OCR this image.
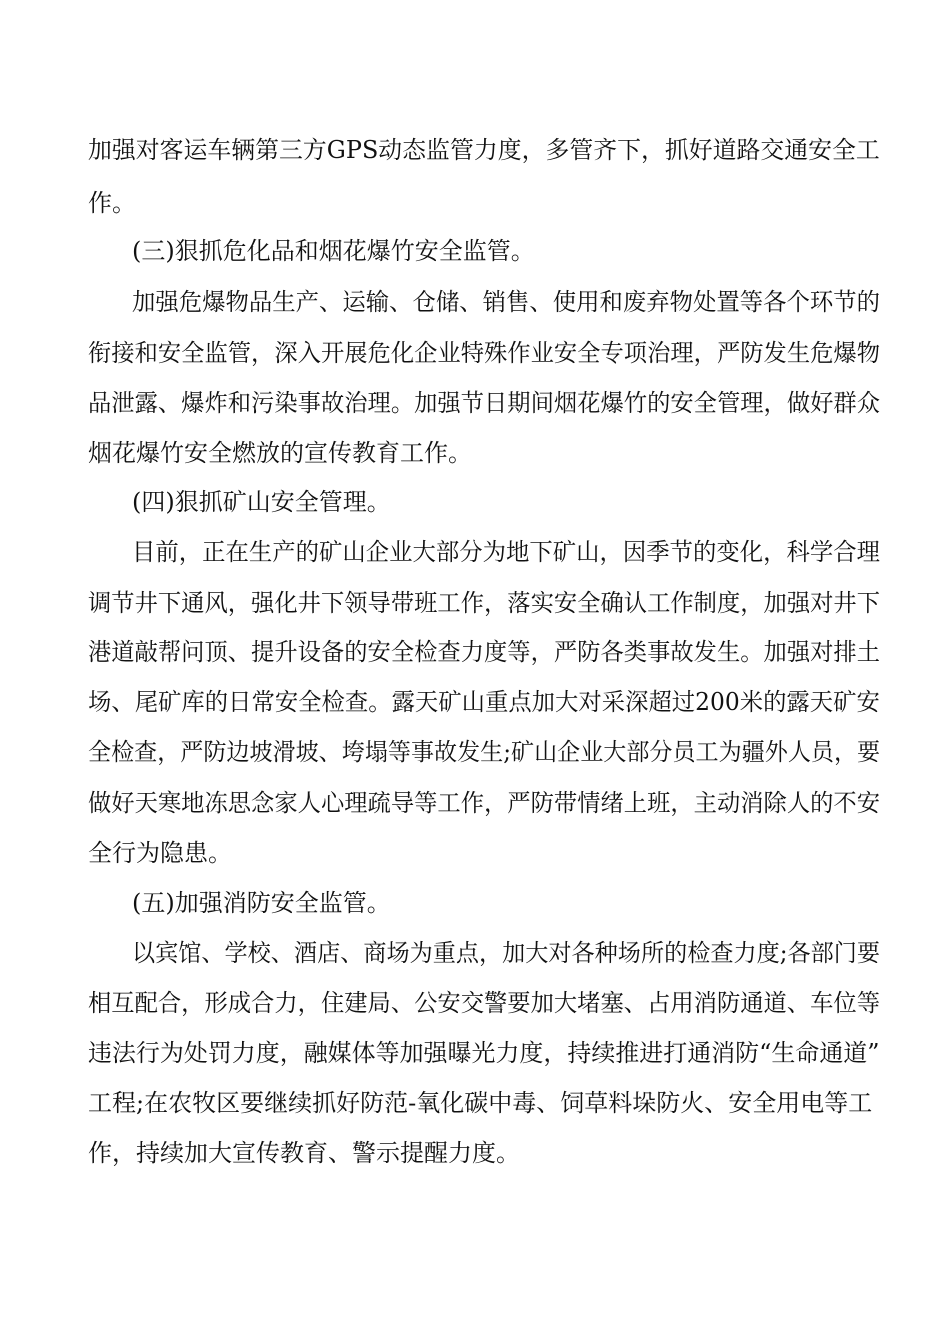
加强对客运车辆第三方GPS动态监管力度，多管齐下，抓好道路交通安全工
作。
(三)狠抓危化品和烟花爆竹安全监管。
加强危爆物品生产、运输、仓储、销售、使用和废弃物处置等各个环节的
衔接和安全监管，深入开展危化企业特殊作业安全专项治理，严防发生危爆物
品泄露、爆炸和污染事故治理。加强节日期间烟花爆竹的安全管理，做好群众
烟花爆竹安全燃放的宣传教育工作。
(四)狠抓矿山安全管理。
目前，正在生产的矿山企业大部分为地下矿山，因季节的变化，科学合理
调节井下通风，强化井下领导带班工作，落实安全确认工作制度，加强对井下
港道敲帮问顶、提升设备的安全检查力度等，严防各类事故发生。加强对排土
场、尾矿库的日常安全检查。露天矿山重点加大对采深超过200米的露天矿安
全检查，严防边坡滑坡、垮塌等事故发生;矿山企业大部分员工为疆外人员，要
做好天寒地冻思念家人心理疏导等工作，严防带情绪上班，主动消除人的不安
全行为隐患。
(五)加强消防安全监管。
以宾馆、学校、酒店、商场为重点，加大对各种场所的检查力度;各部门要
相互配合，形成合力，住建局、公安交警要加大堵塞、占用消防通道、车位等
违法行为处罚力度，融媒体等加强曝光力度，持续推进打通消防“生命通道”
工程;在农牧区要继续抓好防范-氧化碳中毒、饲草料垛防火、安全用电等工
作，持续加大宣传教育、警示提醒力度。
